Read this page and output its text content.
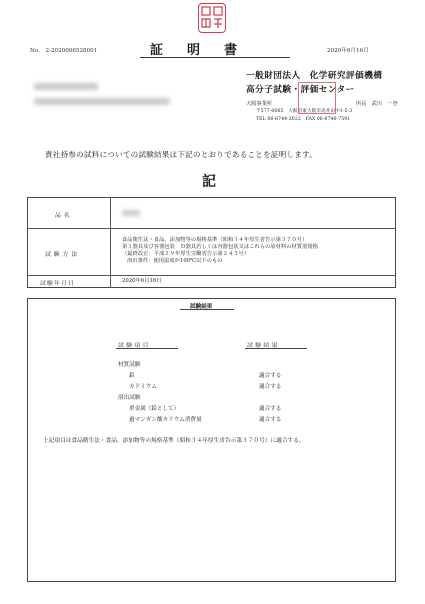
No.　2-2020006528001	証明書	2020年6月16日
一般財団法人　化学研究評価機構
高分子試験・評価センター
大阪事業所	所長　武川　一登
〒577-0065　大阪府東大阪市高井田中1-5-3
TEL 06-6744-2022　FAX 06-6746-7591
貴社持参の試料についての試験結果は下記のとおりであることを証明します。
記
品名
試験方法
食品衛生法・食品、添加物等の規格基準（昭和３４年厚生省告示第３７０号）
第３器具及び容器包装　Ｄ器具若しくは容器包装又はこれらの原材料の材質別規格
（最終改正：平成２９年厚生労働省告示第２４５号）
溶出条件：使用温度が100℃以下のもの
試験年月日	2020年6月16日
試験結果
試験項目	試験結果
材質試験
鉛	適合する
カドミウム	適合する
溶出試験
重金属（鉛として）	適合する
過マンガン酸カリウム消費量	適合する
上記項目は食品衛生法・食品、添加物等の規格基準（昭和３４年厚生省告示第３７０号）に適合する。
